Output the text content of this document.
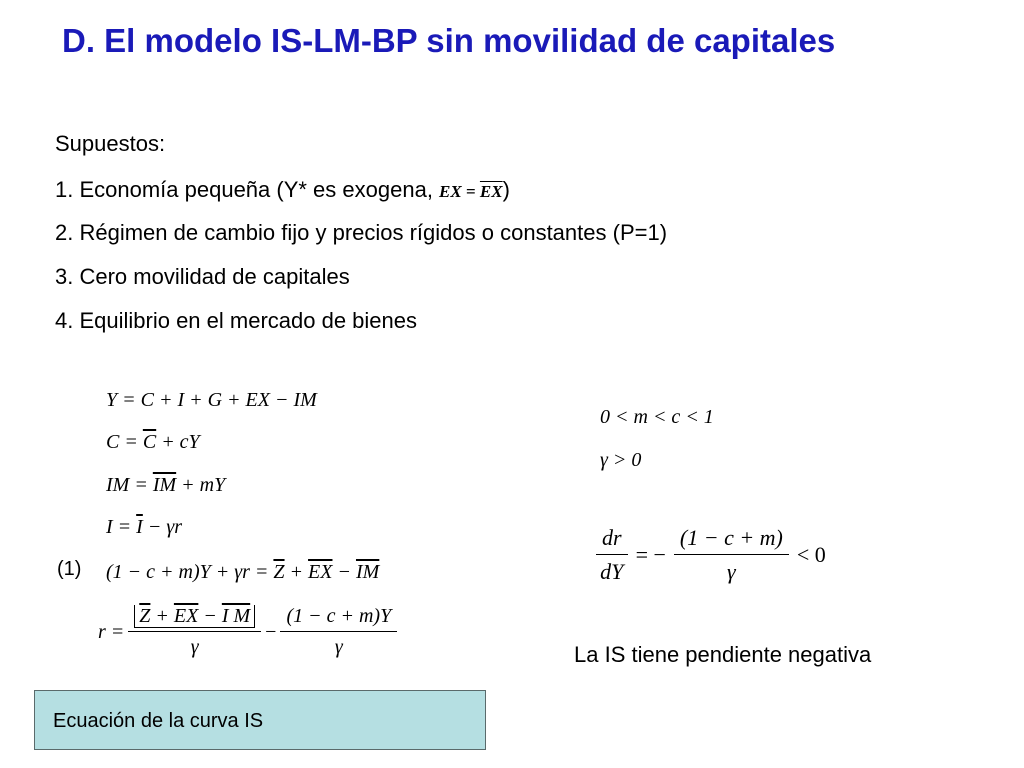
D. El modelo IS-LM-BP sin movilidad de capitales
Supuestos:
1. Economía pequeña (Y* es exogena, EX = $\overline{EX}$)
2. Régimen de cambio fijo y precios rígidos o constantes (P=1)
3. Cero movilidad de capitales
4. Equilibrio en el mercado de bienes
Y = C + I + G + EX − IM
$C = \overline{C}$ + cY
IM = $\overline{IM}$ + mY
$I = \overline{I} - \gamma r$
(1) $(1 - c + m)Y + \gamma r = \overline{Z} + \overline{EX} - \overline{IM}$
$r = \frac{\overline{Z} + \overline{EX} - I M}{\gamma} - \frac{(1 - c + m)Y}{\gamma}$
0 < m < c < 1
γ > 0
$\frac{dr}{dY}$ = − $\frac{(1 - c + m)}{\gamma} < 0$
La IS tiene pendiente negativa
Ecuación de la curva IS
